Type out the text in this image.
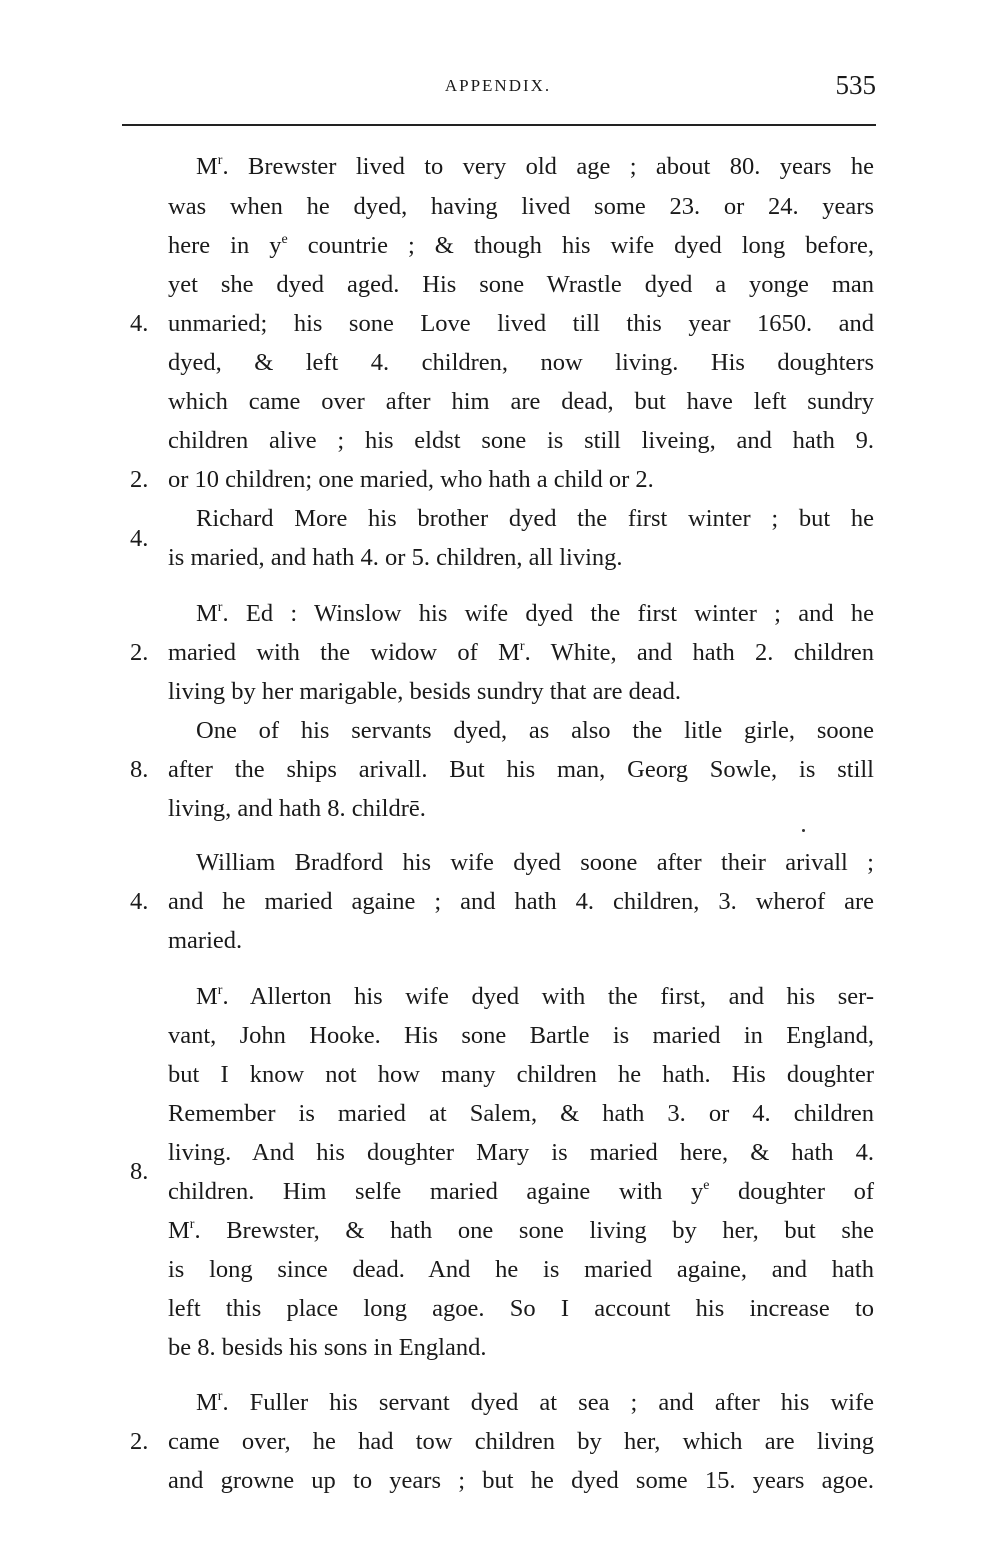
APPENDIX.	535
$M^r$. Brewster lived to very old age ; about 80. years he
was when he dyed, having lived some 23. or 24. years
here in $y^e$ countrie ; & though his wife dyed long before,
yet she dyed aged. His sone Wrastle dyed a yonge man
unmaried; his sone Love lived till this year 1650. and
dyed, & left 4. children, now living. His doughters
which came over after him are dead, but have left sundry
children alive ; his eldst sone is still liveing, and hath 9.
or 10 children; one maried, who hath a child or 2.
Richard More his brother dyed the first winter ; but he
is maried, and hath 4. or 5. children, all living.
$M^r$. Ed : Winslow his wife dyed the first winter ; and he
maried with the widow of $M^r$. White, and hath 2. children
living by her marigable, besids sundry that are dead.
One of his servants dyed, as also the litle girle, soone
after the ships arivall. But his man, Georg Sowle, is still
living, and hath 8. childrē.
William Bradford his wife dyed soone after their arivall ;
and he maried againe ; and hath 4. children, 3. wherof are
maried.
$M^r$. Allerton his wife dyed with the first, and his ser-
vant, John Hooke. His sone Bartle is maried in England,
but I know not how many children he hath. His doughter
Remember is maried at Salem, & hath 3. or 4. children
living. And his doughter Mary is maried here, & hath 4.
children. Him selfe maried againe with $y^e$ doughter of
$M^r$. Brewster, & hath one sone living by her, but she
is long since dead. And he is maried againe, and hath
left this place long agoe. So I account his increase to
be 8. besids his sons in England.
$M^r$. Fuller his servant dyed at sea ; and after his wife
came over, he had tow children by her, which are living
and growne up to years ; but he dyed some 15. years agoe.
4.
2.
4.
2.
8.
4.
8.
2.
